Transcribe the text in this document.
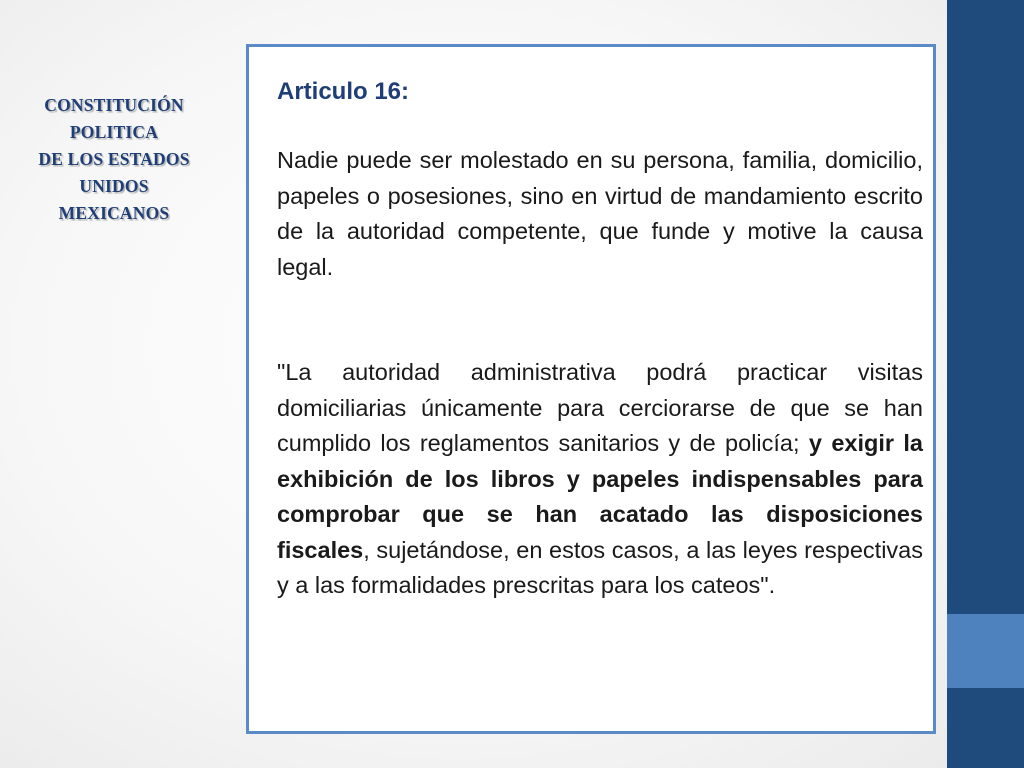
CONSTITUCIÓN
POLITICA
DE LOS ESTADOS
UNIDOS
MEXICANOS
Articulo 16:
Nadie puede ser molestado en su persona, familia, domicilio, papeles o posesiones, sino en virtud de mandamiento escrito de la autoridad competente, que funde y motive la causa legal.
"La autoridad administrativa podrá practicar visitas domiciliarias únicamente para cerciorarse de que se han cumplido los reglamentos sanitarios y de policía; y exigir la exhibición de los libros y papeles indispensables para comprobar que se han acatado las disposiciones fiscales, sujetándose, en estos casos, a las leyes respectivas y a las formalidades prescritas para los cateos".
